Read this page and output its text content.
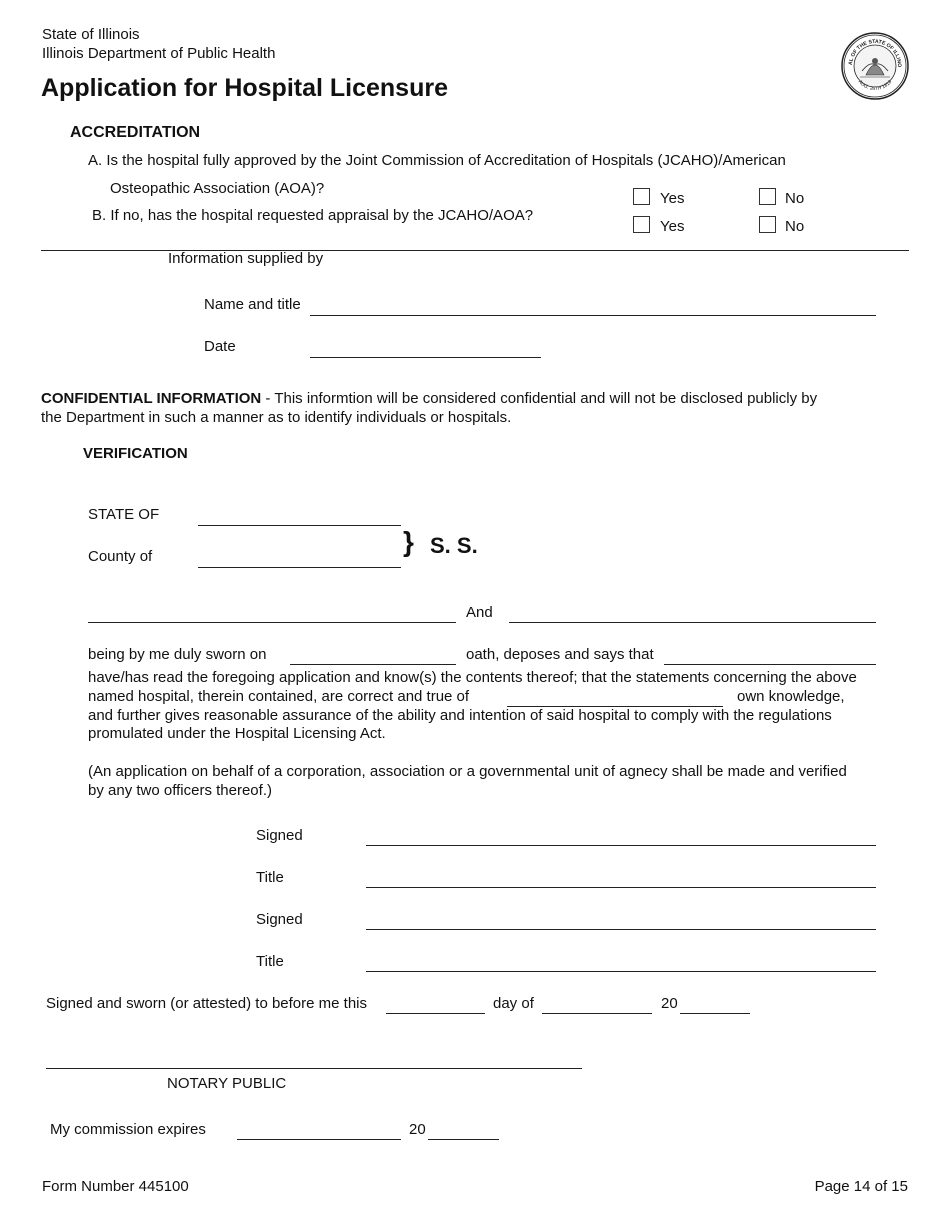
State of Illinois
Illinois Department of Public Health
Application for Hospital Licensure
AL OF THE STATE OF ILLINO
AUG. 26TH 1818
ACCREDITATION
A. Is the hospital fully approved by the Joint Commission of Accreditation of Hospitals (JCAHO)/American
Osteopathic Association (AOA)?
B. If no, has the hospital requested appraisal by the JCAHO/AOA?
Yes	No
Yes	No
Information supplied by
Name and title
Date
CONFIDENTIAL INFORMATION - This informtion will be considered confidential and will not be disclosed publicly by
the Department in such a manner as to identify individuals or hospitals.
VERIFICATION
STATE OF
County of	} S. S.
And
being by me duly sworn on	oath, deposes and says that
have/has read the foregoing application and know(s) the contents thereof; that the statements concerning the above
named hospital, therein contained, are correct and true of	own knowledge,
and further gives reasonable assurance of the ability and intention of said hospital to comply with the regulations
promulated under the Hospital Licensing Act.
(An application on behalf of a corporation, association or a governmental unit of agnecy shall be made and verified
by any two officers thereof.)
Signed
Title
Signed
Title
Signed and sworn (or attested) to before me this	day of	20
NOTARY PUBLIC
My commission expires	20
Form Number 445100	Page 14 of 15
